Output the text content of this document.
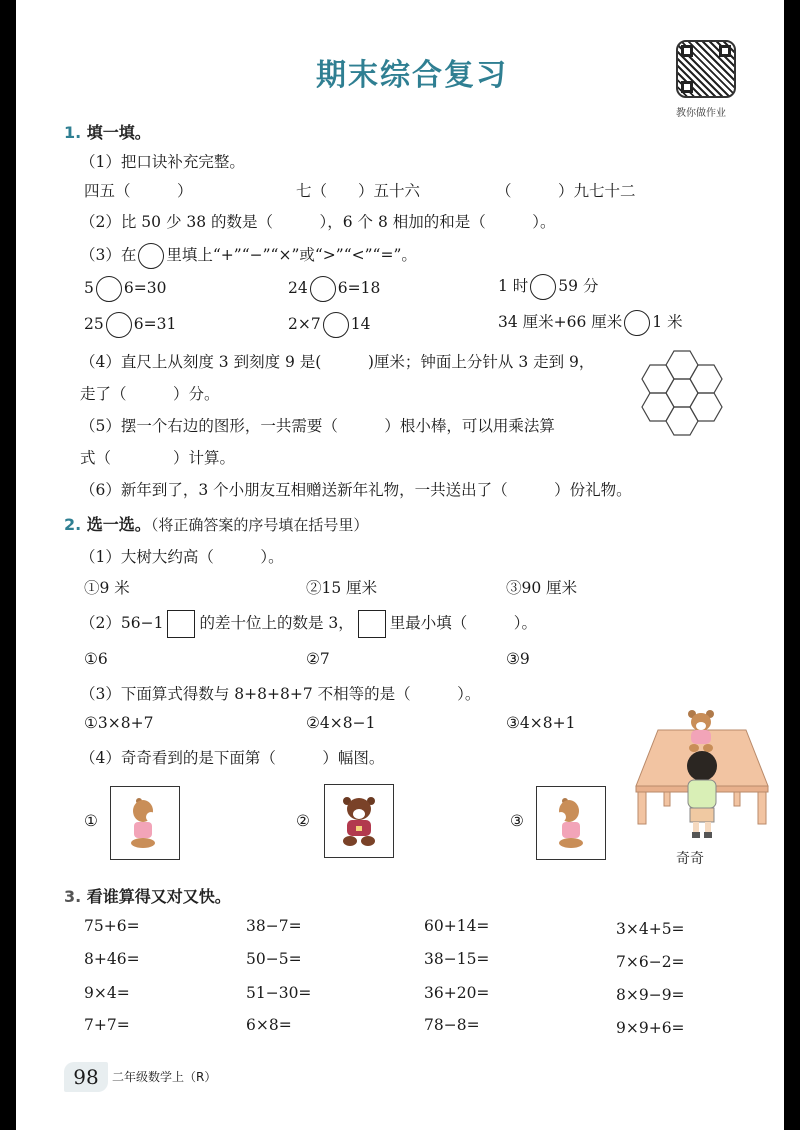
期末综合复习
教你做作业
1. 填一填。
（1）把口诀补充完整。
四五（　　　）	七（　　）五十六	（　　　）九七十二
（2）比 50 少 38 的数是（　　　），6 个 8 相加的和是（　　　）。
（3）在 里填上“+”“−”“×”或“>”“<”“=”。
5 6=30	24 6=18	1 时 59 分
25 6=31	2×7 14	34 厘米+66 厘米 1 米
（4）直尺上从刻度 3 到刻度 9 是(　　　)厘米；钟面上分针从 3 走到 9，
走了（　　　）分。
（5）摆一个右边的图形，一共需要（　　　）根小棒，可以用乘法算
式（　　　　）计算。
（6）新年到了，3 个小朋友互相赠送新年礼物，一共送出了（　　　）份礼物。
2. 选一选。（将正确答案的序号填在括号里）
（1）大树大约高（　　　）。
①9 米	②15 厘米	③90 厘米
（2）56−1 的差十位上的数是 3， 里最小填（　　　）。
①6	②7	③9
（3）下面算式得数与 8+8+8+7 不相等的是（　　　）。
①3×8+7	②4×8−1	③4×8+1
（4）奇奇看到的是下面第（　　　）幅图。
①	②	③
奇奇
3. 看谁算得又对又快。
75+6=	38−7=	60+14=	3×4+5=
8+46=	50−5=	38−15=	7×6−2=
9×4=	51−30=	36+20=	8×9−9=
7+7=	6×8=	78−8=	9×9+6=
98	二年级数学上（R）
